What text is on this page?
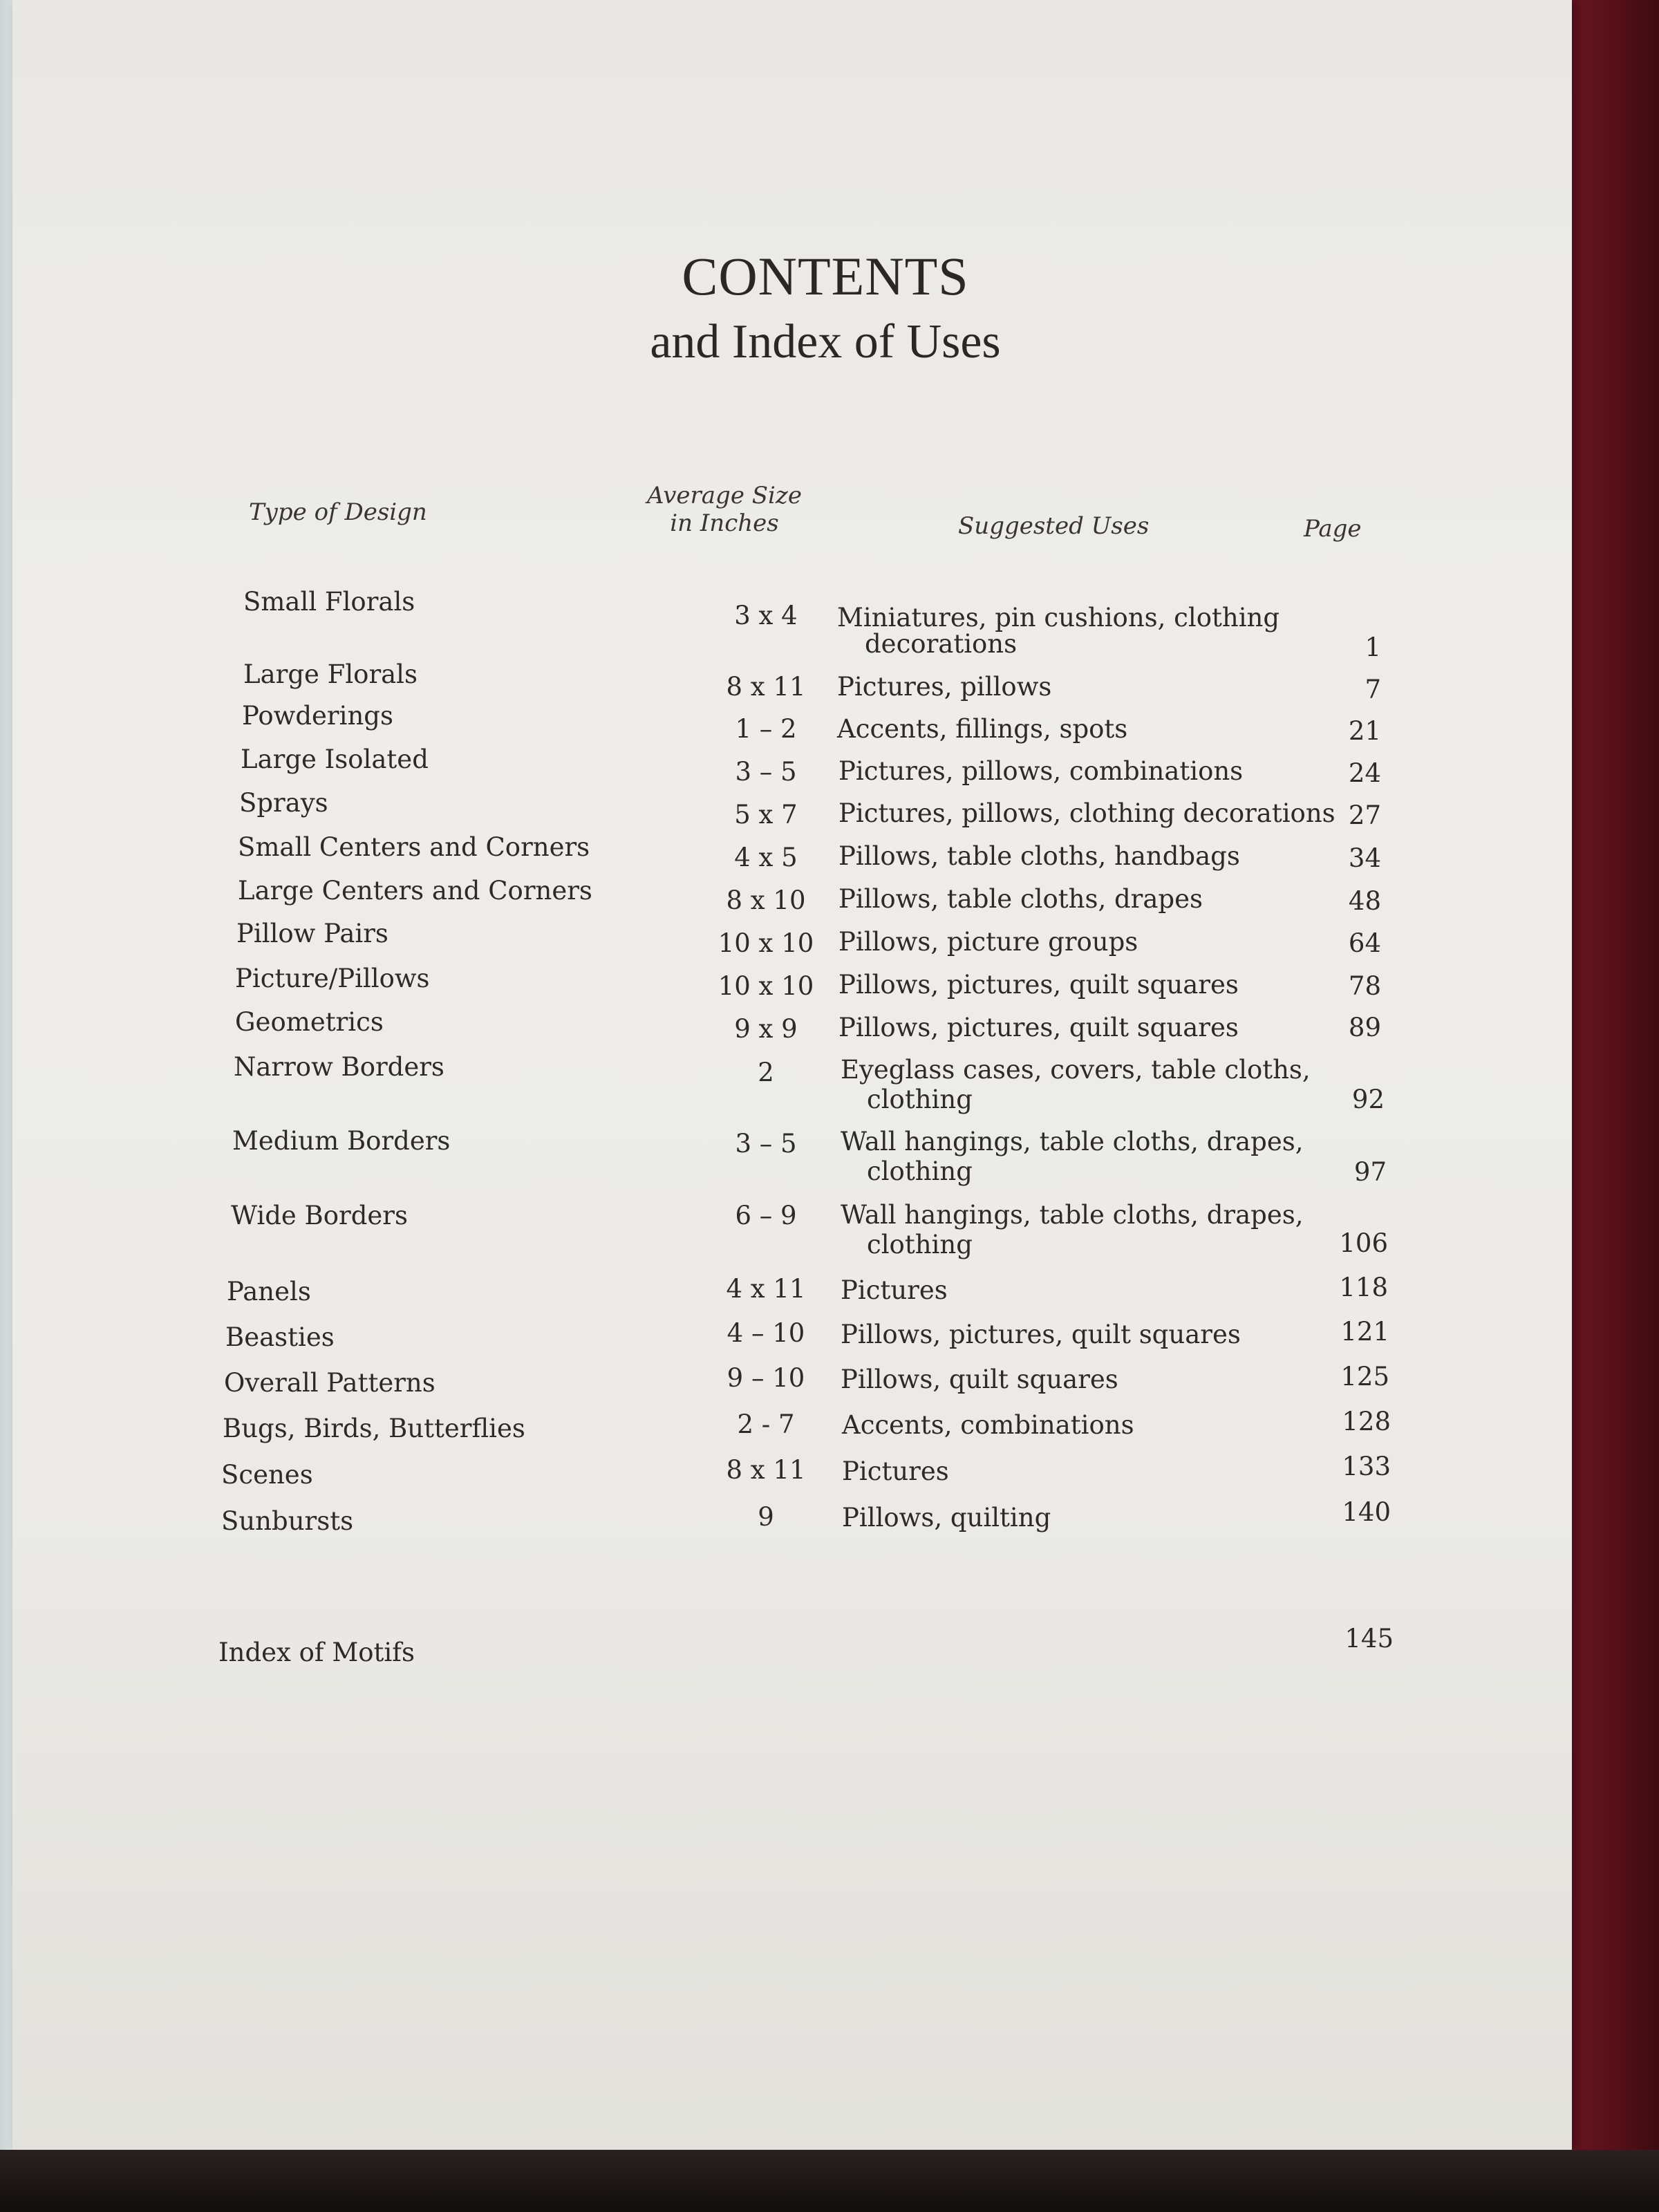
CONTENTS
and Index of Uses
Type of Design
Average Size
in Inches	Suggested Uses	Page
Small Florals	3 x 4	Miniatures, pin cushions, clothing
decorations	1
Large Florals	8 x 11	Pictures, pillows	7
Powderings	1 – 2	Accents, fillings, spots	21
Large Isolated	3 – 5	Pictures, pillows, combinations	24
Sprays	5 x 7	Pictures, pillows, clothing decorations 27
Small Centers and Corners	4 x 5	Pillows, table cloths, handbags	34
Large Centers and Corners	8 x 10	Pillows, table cloths, drapes	48
Pillow Pairs	10 x 10 Pillows, picture groups	64
Picture/Pillows	10 x 10 Pillows, pictures, quilt squares	78
Geometrics	9 x 9	Pillows, pictures, quilt squares	89
Narrow Borders	2	Eyeglass cases, covers, table cloths,
clothing	92
Medium Borders	3 – 5	Wall hangings, table cloths, drapes,
clothing	97
Wide Borders	6 – 9	Wall hangings, table cloths, drapes,
clothing	106
Panels	4 x 11	Pictures	118
Beasties	4 – 10	Pillows, pictures, quilt squares	121
Overall Patterns	9 – 10	Pillows, quilt squares	125
Bugs, Birds, Butterflies	2 - 7	Accents, combinations	128
Scenes	8 x 11	Pictures	133
Sunbursts	9	Pillows, quilting	140
Index of Motifs	145
